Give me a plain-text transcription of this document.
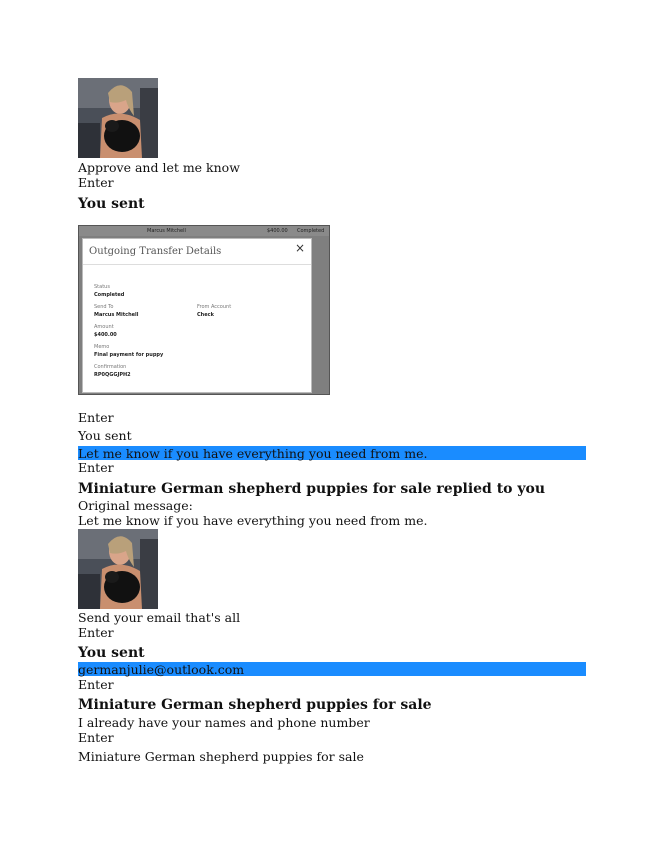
Approve and let me know
Enter
You sent
Marcus Mitchell	$400.00 Completed
Outgoing Transfer Details	×
Status
Completed
Send To
Marcus Mitchell
From Account
Check
Amount
$400.00
Memo
Final payment for puppy
Confirmation
RP0QGGJPH2
Enter
You sent
Let me know if you have everything you need from me.
Enter
Miniature German shepherd puppies for sale replied to you
Original message:
Let me know if you have everything you need from me.
Send your email that's all
Enter
You sent
germanjulie@outlook.com
Enter
Miniature German shepherd puppies for sale
I already have your names and phone number
Enter
Miniature German shepherd puppies for sale
